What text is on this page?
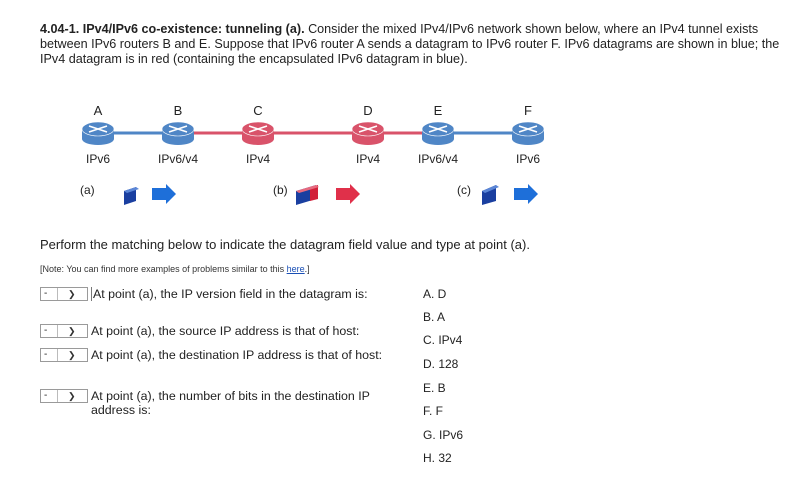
4.04-1. IPv4/IPv6 co-existence: tunneling (a). Consider the mixed IPv4/IPv6 network shown below, where an IPv4 tunnel exists between IPv6 routers B and E. Suppose that IPv6 router A sends a datagram to IPv6 router F. IPv6 datagrams are shown in blue; the IPv4 datagram is in red (containing the encapsulated IPv6 datagram in blue).
A
IPv6
B
IPv6/v4
C
IPv4
D
IPv4
E
IPv6/v4
F
IPv6
(a)	(b)	(c)
Perform the matching below to indicate the datagram field value and type at point (a).
[Note: You can find more examples of problems similar to this here.]
- ❯ At point (a), the IP version field in the datagram is:
- ❯ At point (a), the source IP address is that of host:
- ❯ At point (a), the destination IP address is that of host:
- ❯ At point (a), the number of bits in the destination IP address is:
A. D
B. A
C. IPv4
D. 128
E. B
F. F
G. IPv6
H. 32
